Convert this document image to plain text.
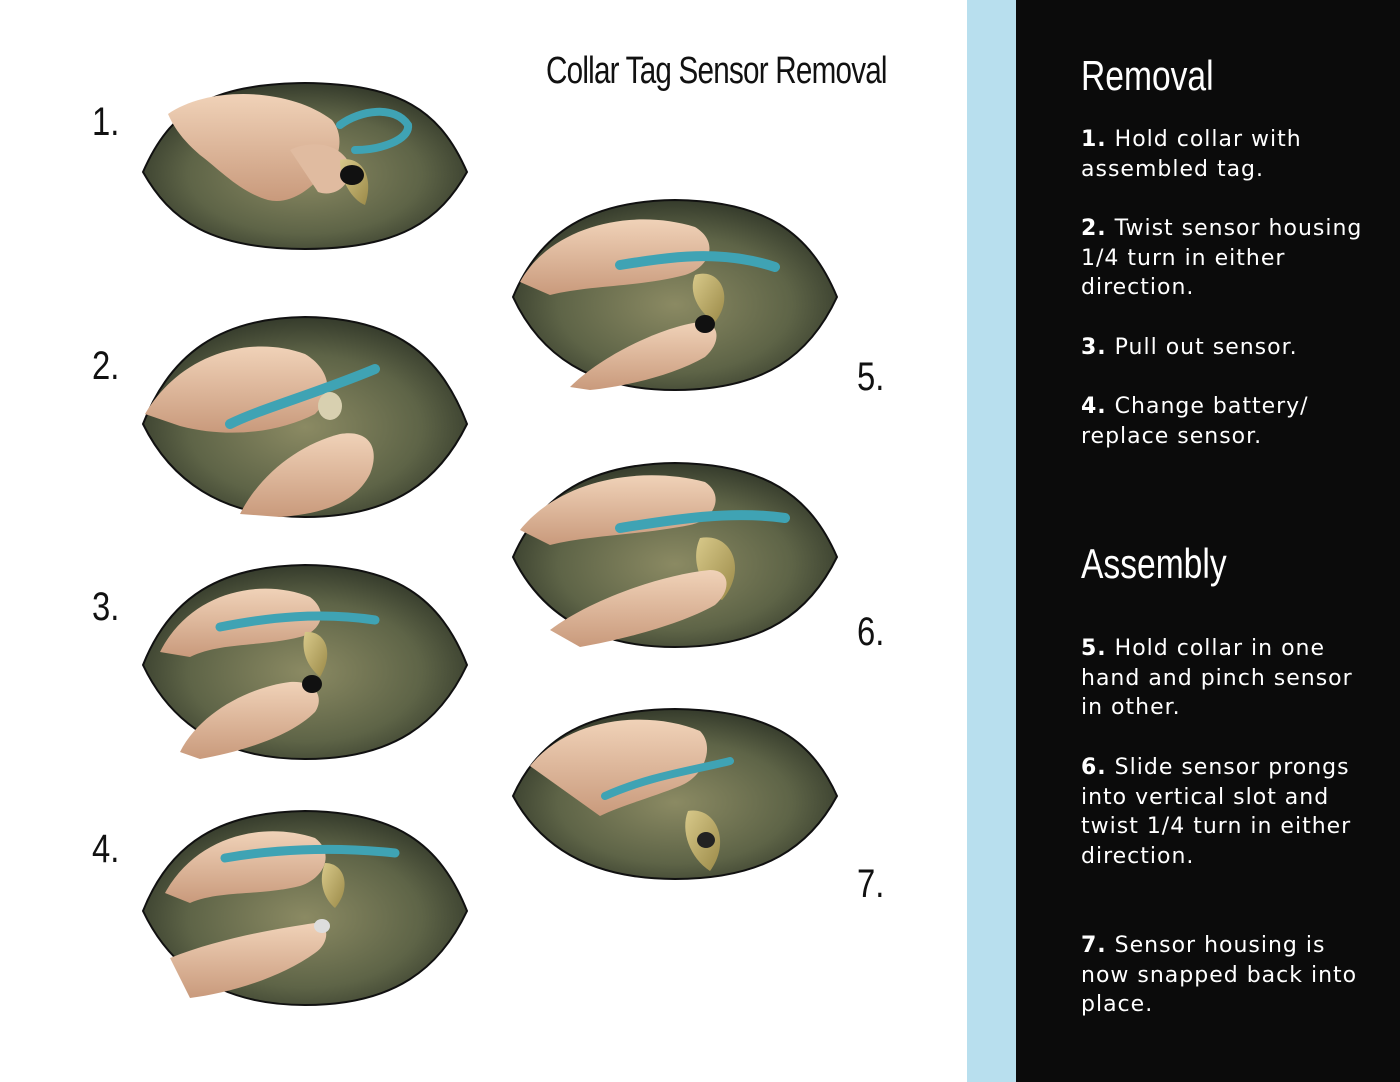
Collar Tag Sensor Removal
1.
2.
3.
4.
5.
6.
7.
Removal
1. Hold collar with assembled tag.
2. Twist sensor housing 1/4 turn in either direction.
3. Pull out sensor.
4. Change battery/ replace sensor.
Assembly
5. Hold collar in one hand and pinch sensor in other.
6. Slide sensor prongs into vertical slot and twist 1/4 turn in either direction.
7. Sensor housing is now snapped back into place.
